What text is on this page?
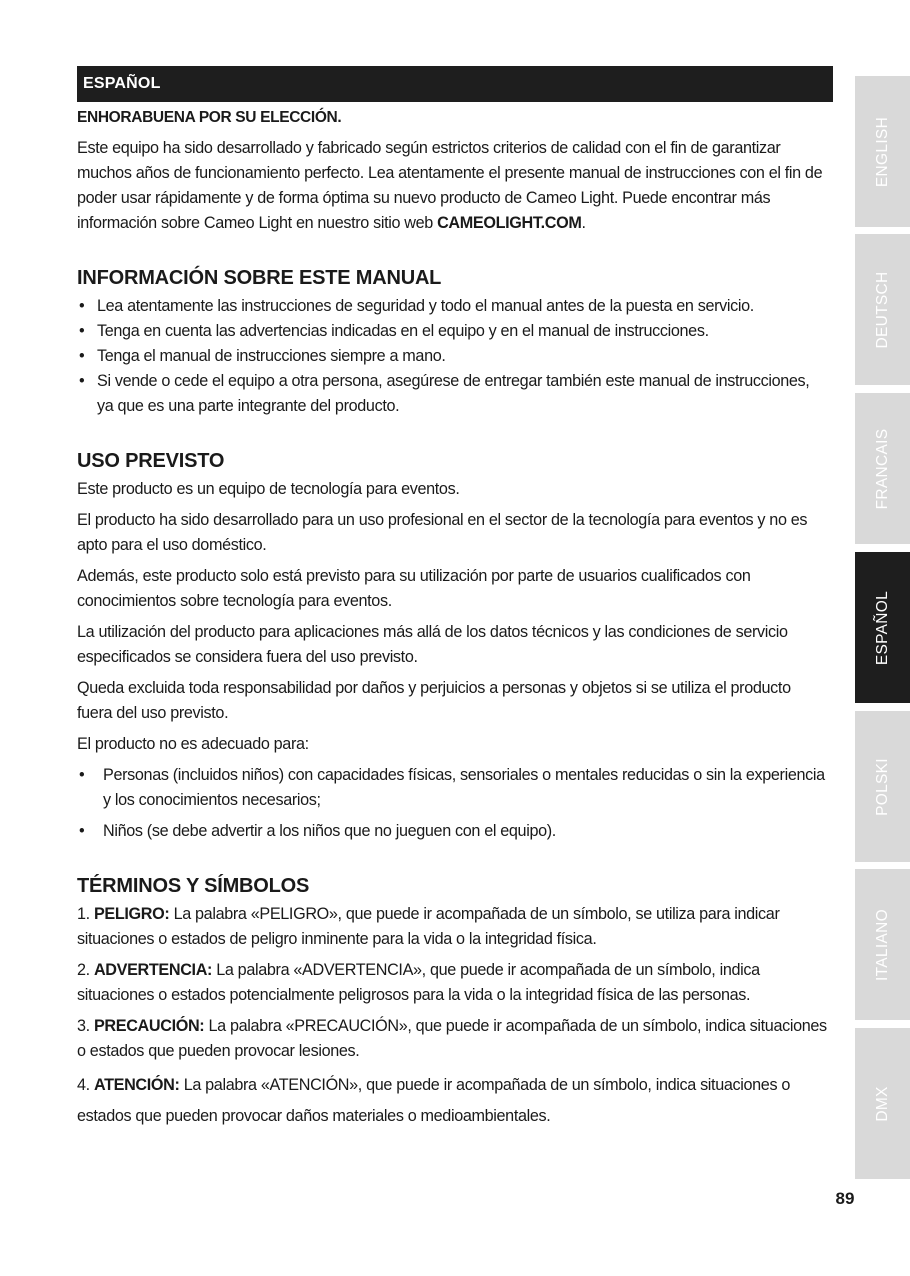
ESPAÑOL
ENHORABUENA POR SU ELECCIÓN.

Este equipo ha sido desarrollado y fabricado según estrictos criterios de calidad con el fin de garantizar muchos años de funcionamiento perfecto. Lea atentamente el presente manual de instrucciones con el fin de poder usar rápidamente y de forma óptima su nuevo producto de Cameo Light. Puede encontrar más información sobre Cameo Light en nuestro sitio web CAMEOLIGHT.COM.

INFORMACIÓN SOBRE ESTE MANUAL
• Lea atentamente las instrucciones de seguridad y todo el manual antes de la puesta en servicio.
• Tenga en cuenta las advertencias indicadas en el equipo y en el manual de instrucciones.
• Tenga el manual de instrucciones siempre a mano.
• Si vende o cede el equipo a otra persona, asegúrese de entregar también este manual de instrucciones, ya que es una parte integrante del producto.
USO PREVISTO

Este producto es un equipo de tecnología para eventos.

El producto ha sido desarrollado para un uso profesional en el sector de la tecnología para eventos y no es apto para el uso doméstico.

Además, este producto solo está previsto para su utilización por parte de usuarios cualificados con conocimientos sobre tecnología para eventos.

La utilización del producto para aplicaciones más allá de los datos técnicos y las condiciones de servicio especificados se considera fuera del uso previsto.

Queda excluida toda responsabilidad por daños y perjuicios a personas y objetos si se utiliza el producto fuera del uso previsto.

El producto no es adecuado para:

• Personas (incluidos niños) con capacidades físicas, sensoriales o mentales reducidas o sin la experiencia y los conocimientos necesarios;
• Niños (se debe advertir a los niños que no jueguen con el equipo).
TÉRMINOS Y SÍMBOLOS

1. PELIGRO: La palabra «PELIGRO», que puede ir acompañada de un símbolo, se utiliza para indicar situaciones o estados de peligro inminente para la vida o la integridad física.

2. ADVERTENCIA: La palabra «ADVERTENCIA», que puede ir acompañada de un símbolo, indica situaciones o estados potencialmente peligrosos para la vida o la integridad física de las personas.

3. PRECAUCIÓN: La palabra «PRECAUCIÓN», que puede ir acompañada de un símbolo, indica situaciones o estados que pueden provocar lesiones.

4. ATENCIÓN: La palabra «ATENCIÓN», que puede ir acompañada de un símbolo, indica situaciones o estados que pueden provocar daños materiales o medioambientales.

ENGLISH
DEUTSCH
FRANCAIS
ESPAÑOL
POLSKI
ITALIANO
DMX
89
